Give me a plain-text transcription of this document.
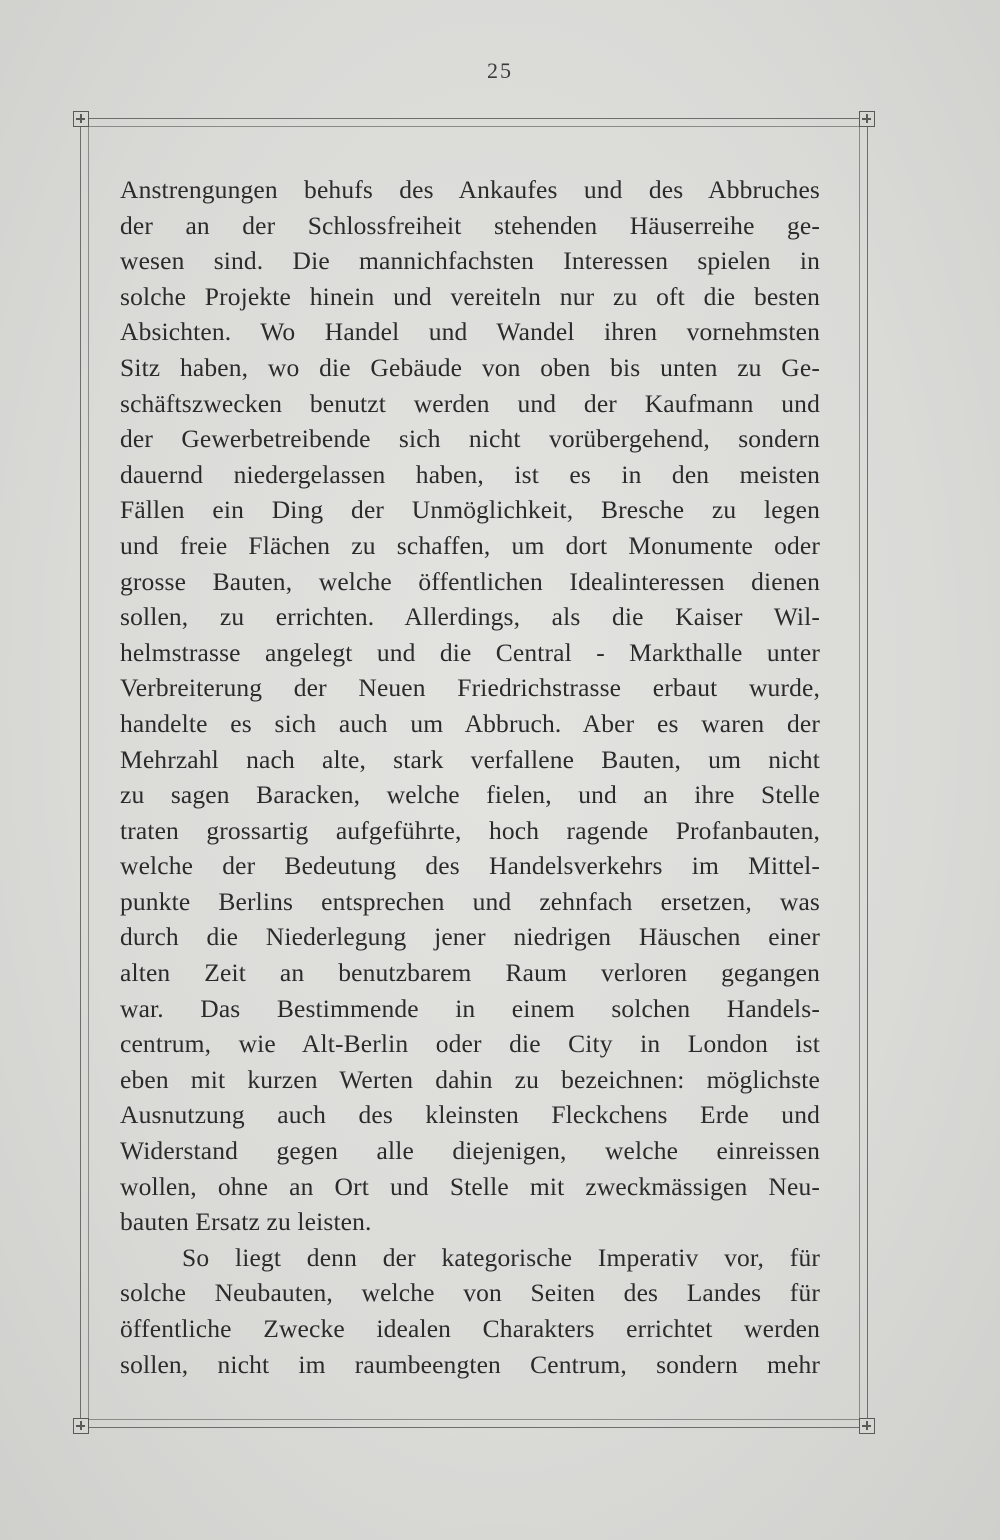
25
Anstrengungen behufs des Ankaufes und des Abbruches
der an der Schlossfreiheit stehenden Häuserreihe ge-
wesen sind. Die mannichfachsten Interessen spielen in
solche Projekte hinein und vereiteln nur zu oft die besten
Absichten. Wo Handel und Wandel ihren vornehmsten
Sitz haben, wo die Gebäude von oben bis unten zu Ge-
schäftszwecken benutzt werden und der Kaufmann und
der Gewerbetreibende sich nicht vorübergehend, sondern
dauernd niedergelassen haben, ist es in den meisten
Fällen ein Ding der Unmöglichkeit, Bresche zu legen
und freie Flächen zu schaffen, um dort Monumente oder
grosse Bauten, welche öffentlichen Idealinteressen dienen
sollen, zu errichten. Allerdings, als die Kaiser Wil-
helmstrasse angelegt und die Central - Markthalle unter
Verbreiterung der Neuen Friedrichstrasse erbaut wurde,
handelte es sich auch um Abbruch. Aber es waren der
Mehrzahl nach alte, stark verfallene Bauten, um nicht
zu sagen Baracken, welche fielen, und an ihre Stelle
traten grossartig aufgeführte, hoch ragende Profanbauten,
welche der Bedeutung des Handelsverkehrs im Mittel-
punkte Berlins entsprechen und zehnfach ersetzen, was
durch die Niederlegung jener niedrigen Häuschen einer
alten Zeit an benutzbarem Raum verloren gegangen
war. Das Bestimmende in einem solchen Handels-
centrum, wie Alt-Berlin oder die City in London ist
eben mit kurzen Werten dahin zu bezeichnen: möglichste
Ausnutzung auch des kleinsten Fleckchens Erde und
Widerstand gegen alle diejenigen, welche einreissen
wollen, ohne an Ort und Stelle mit zweckmässigen Neu-
bauten Ersatz zu leisten.
So liegt denn der kategorische Imperativ vor, für
solche Neubauten, welche von Seiten des Landes für
öffentliche Zwecke idealen Charakters errichtet werden
sollen, nicht im raumbeengten Centrum, sondern mehr
